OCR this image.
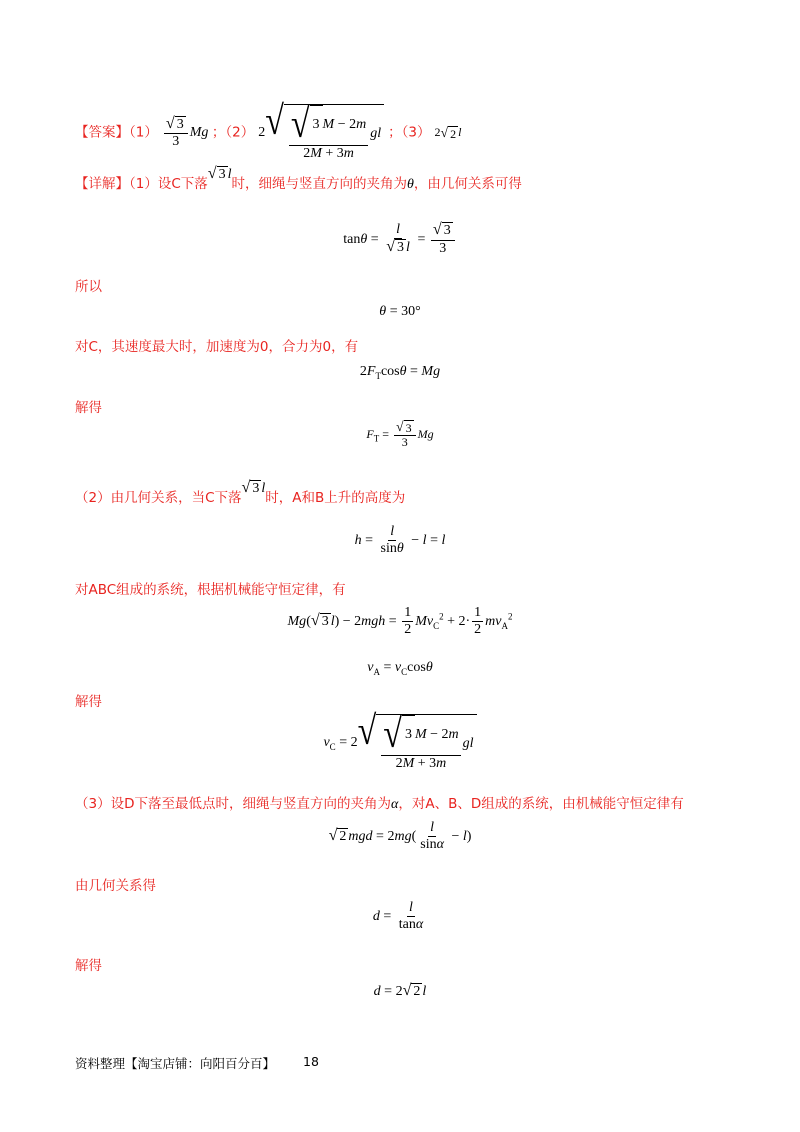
【答案】$(1) \frac{√ 3}{3}$ Mg ；（2） 2 √ $\frac{√ 3 M - 2m}{2M + 3m}$ gl ；（3） 2 √ 2 l
【详解】（1）设C下落
√ 3 l时，细绳与竖直方向的夹角为θ，由几何关系可得
$\tan\theta = \frac{l}{√ 3 l} = \frac{√ 3}{3}$
所以
θ = 30°
对C，其速度最大时，加速度为0，合力为0，有
$2F_T\cos\theta = Mg$
解得
$F_T = \frac{√ 3}{3}$ Mg
（2）由几何关系，当C下落
√ 3 l时，A和B上升的高度为
$h = \frac{l}{\sin\theta} - l = l$
对ABC组成的系统，根据机械能守恒定律，有
Mg( √ 3 $l) - 2mgh = \frac{1}{2} Mv_C^2 + 2\cdot \frac{1}{2} mv_A^2$
$v_A = v_C\cos\theta$
解得
$v_C = 2$ √ $\frac{√ 3 M - 2m}{2M + 3m}$ gl
（3）设D下落至最低点时，细绳与竖直方向的夹角为α，对A、B、D组成的系统，由机械能守恒定律有
√ 2 mgd = $2mg( \frac{l}{\sin\alpha} - l)$
由几何关系得
$d = \frac{l}{\tan\alpha}$
解得
d = 2 √ 2 l
资料整理【淘宝店铺：向阳百分百】 18
